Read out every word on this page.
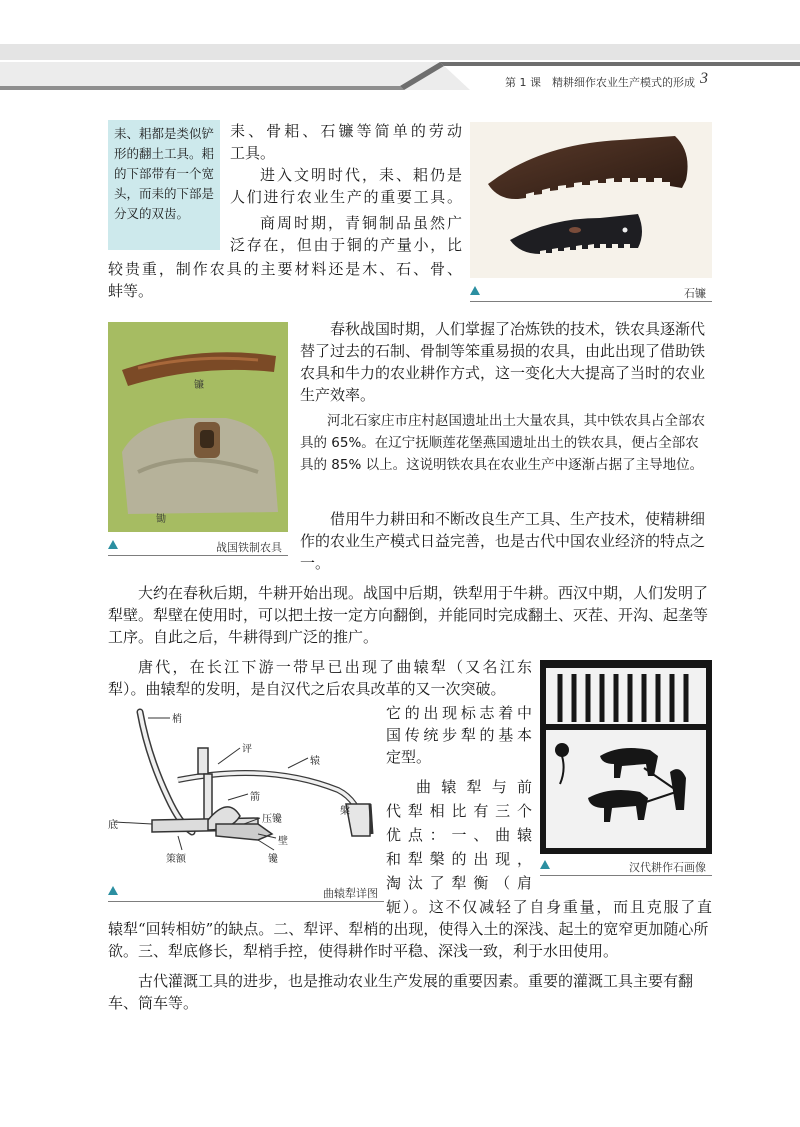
第 1 课　精耕细作农业生产模式的形成 3
耒、耜都是类似铲形的翻土工具。耜的下部带有一个宽头，而耒的下部是分叉的双齿。
耒、骨耜、石镰等简单的劳动
工具。
进入文明时代，耒、耜仍是
人们进行农业生产的重要工具。
商周时期，青铜制品虽然广
泛存在，但由于铜的产量小，比
较贵重，制作农具的主要材料还是木、石、骨、
蚌等。	石镰
镰
锄
战国铁制农具
春秋战国时期，人们掌握了冶炼铁的技术，铁农具逐渐代替了过去的石制、骨制等笨重易损的农具，由此出现了借助铁农具和牛力的农业耕作方式，这一变化大大提高了当时的农业生产效率。
河北石家庄市庄村赵国遗址出土大量农具，其中铁农具占全部农具的 65%。在辽宁抚顺莲花堡燕国遗址出土的铁农具，便占全部农具的 85% 以上。这说明铁农具在农业生产中逐渐占据了主导地位。
借用牛力耕田和不断改良生产工具、生产技术，使精耕细作的农业生产模式日益完善，也是古代中国农业经济的特点之一。
大约在春秋后期，牛耕开始出现。战国中后期，铁犁用于牛耕。西汉中期，人们发明了犁壁。犁壁在使用时，可以把土按一定方向翻倒，并能同时完成翻土、灭茬、开沟、起垄等工序。自此之后，牛耕得到广泛的推广。
唐代，在长江下游一带早已出现了曲辕犁（又名江东
犁）。曲辕犁的发明，是自汉代之后农具改革的又一次突破。
它的出现标志着中
国传统步犁的基本
定型。
曲辕犁与前
代犁相比有三个
优点：一、曲辕
和犁槃的出现，
淘汰了犁衡（肩
轭）。这不仅减轻了自身重量，而且克服了直
辕犁“回转相妨”的缺点。二、犁评、犁梢的出现，使得入土的深浅、起土的宽窄更加随心所欲。三、犁底修长，犁梢手控，使得耕作时平稳、深浅一致，利于水田使用。
梢
评
辕
箭
槃
底
压镵
壁
策额	镵
曲辕犁详图
汉代耕作石画像
古代灌溉工具的进步，也是推动农业生产发展的重要因素。重要的灌溉工具主要有翻车、筒车等。
